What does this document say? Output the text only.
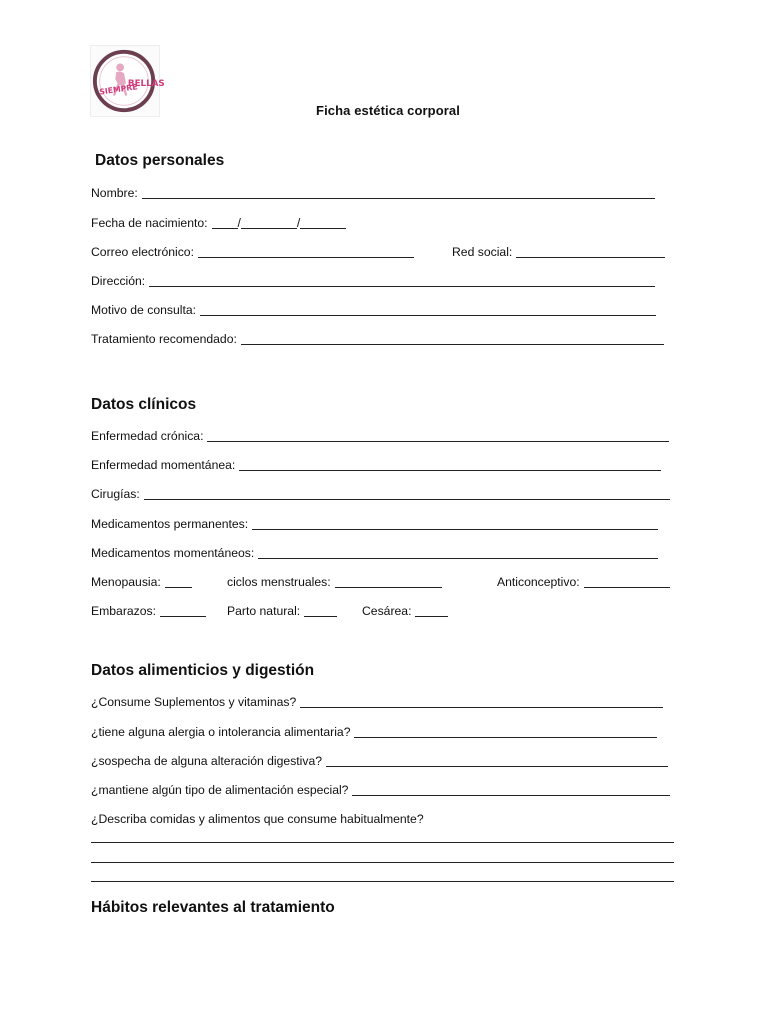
BELLAS
SIEMPRE
Ficha estética corporal
Datos personales
Nombre:
Fecha de nacimiento: /	/
Correo electrónico:	Red social:
Dirección:
Motivo de consulta:
Tratamiento recomendado:
Datos clínicos
Enfermedad crónica:
Enfermedad momentánea:
Cirugías:
Medicamentos permanentes:
Medicamentos momentáneos:
Menopausia:	ciclos menstruales:	Anticonceptivo:
Embarazos:	Parto natural:	Cesárea:
Datos alimenticios y digestión
¿Consume Suplementos y vitaminas?
¿tiene alguna alergia o intolerancia alimentaria?
¿sospecha de alguna alteración digestiva?
¿mantiene algún tipo de alimentación especial?
¿Describa comidas y alimentos que consume habitualmente?
Hábitos relevantes al tratamiento
